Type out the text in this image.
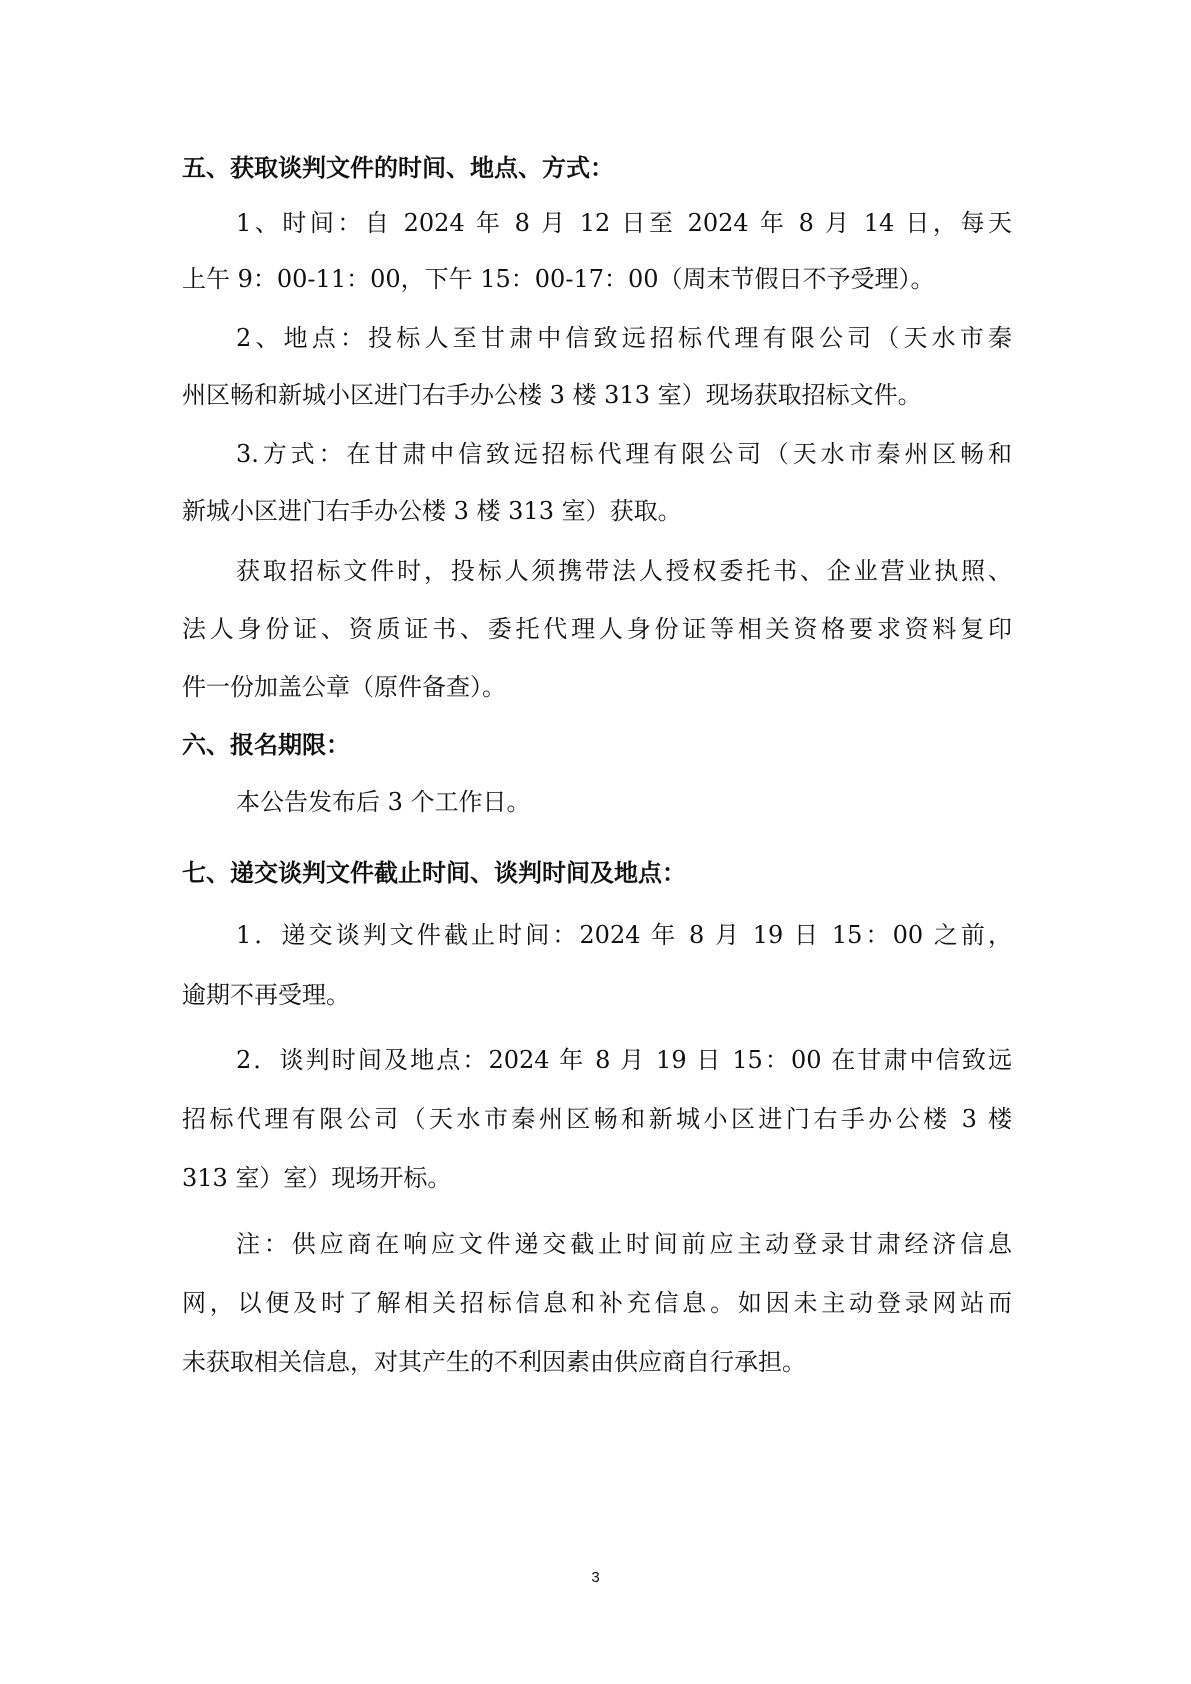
五、获取谈判文件的时间、地点、方式：
1、时间：自 2024 年 8 月 12 日至 2024 年 8 月 14 日，每天
上午 9：00-11：00，下午 15：00-17：00（周末节假日不予受理）。
2、地点：投标人至甘肃中信致远招标代理有限公司（天水市秦
州区畅和新城小区进门右手办公楼 3 楼 313 室）现场获取招标文件。
3.方式：在甘肃中信致远招标代理有限公司（天水市秦州区畅和
新城小区进门右手办公楼 3 楼 313 室）获取。
获取招标文件时，投标人须携带法人授权委托书、企业营业执照、
法人身份证、资质证书、委托代理人身份证等相关资格要求资料复印
件一份加盖公章（原件备查）。
六、报名期限：
本公告发布后 3 个工作日。
七、递交谈判文件截止时间、谈判时间及地点：
1．递交谈判文件截止时间：2024 年 8 月 19 日 15：00 之前，
逾期不再受理。
2．谈判时间及地点：2024 年 8 月 19 日 15：00 在甘肃中信致远
招标代理有限公司（天水市秦州区畅和新城小区进门右手办公楼 3 楼
313 室）室）现场开标。
注：供应商在响应文件递交截止时间前应主动登录甘肃经济信息
网，以便及时了解相关招标信息和补充信息。如因未主动登录网站而
未获取相关信息，对其产生的不利因素由供应商自行承担。
3
